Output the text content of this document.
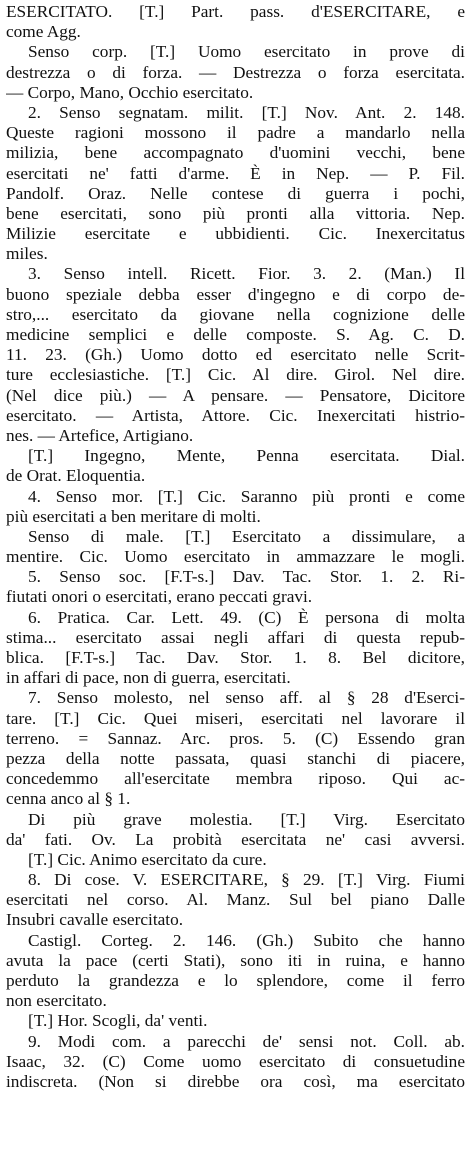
ESERCITATO. [T.] Part. pass. d'ESERCITARE, e
come Agg.
Senso corp. [T.] Uomo esercitato in prove di
destrezza o di forza. — Destrezza o forza esercitata.
— Corpo, Mano, Occhio esercitato.
2. Senso segnatam. milit. [T.] Nov. Ant. 2. 148.
Queste ragioni mossono il padre a mandarlo nella
milizia, bene accompagnato d'uomini vecchi, bene
esercitati ne' fatti d'arme. È in Nep. — P. Fil.
Pandolf. Oraz. Nelle contese di guerra i pochi,
bene esercitati, sono più pronti alla vittoria. Nep.
Milizie esercitate e ubbidienti. Cic. Inexercitatus
miles.
3. Senso intell. Ricett. Fior. 3. 2. (Man.) Il
buono speziale debba esser d'ingegno e di corpo de-
stro,... esercitato da giovane nella cognizione delle
medicine semplici e delle composte. S. Ag. C. D.
11. 23. (Gh.) Uomo dotto ed esercitato nelle Scrit-
ture ecclesiastiche. [T.] Cic. Al dire. Girol. Nel dire.
(Nel dice più.) — A pensare. — Pensatore, Dicitore
esercitato. — Artista, Attore. Cic. Inexercitati histrio-
nes. — Artefice, Artigiano.
[T.] Ingegno, Mente, Penna esercitata. Dial.
de Orat. Eloquentia.
4. Senso mor. [T.] Cic. Saranno più pronti e come
più esercitati a ben meritare di molti.
Senso di male. [T.] Esercitato a dissimulare, a
mentire. Cic. Uomo esercitato in ammazzare le mogli.
5. Senso soc. [F.T-s.] Dav. Tac. Stor. 1. 2. Ri-
fiutati onori o esercitati, erano peccati gravi.
6. Pratica. Car. Lett. 49. (C) È persona di molta
stima... esercitato assai negli affari di questa repub-
blica. [F.T-s.] Tac. Dav. Stor. 1. 8. Bel dicitore,
in affari di pace, non di guerra, esercitati.
7. Senso molesto, nel senso aff. al § 28 d'Eserci-
tare. [T.] Cic. Quei miseri, esercitati nel lavorare il
terreno. = Sannaz. Arc. pros. 5. (C) Essendo gran
pezza della notte passata, quasi stanchi di piacere,
concedemmo all'esercitate membra riposo. Qui ac-
cenna anco al § 1.
Di più grave molestia. [T.] Virg. Esercitato
da' fati. Ov. La probità esercitata ne' casi avversi.
[T.] Cic. Animo esercitato da cure.
8. Di cose. V. ESERCITARE, § 29. [T.] Virg. Fiumi
esercitati nel corso. Al. Manz. Sul bel piano Dalle
Insubri cavalle esercitato.
Castigl. Corteg. 2. 146. (Gh.) Subito che hanno
avuta la pace (certi Stati), sono iti in ruina, e hanno
perduto la grandezza e lo splendore, come il ferro
non esercitato.
[T.] Hor. Scogli, da' venti.
9. Modi com. a parecchi de' sensi not. Coll. ab.
Isaac, 32. (C) Come uomo esercitato di consuetudine
indiscreta. (Non si direbbe ora così, ma esercitato
